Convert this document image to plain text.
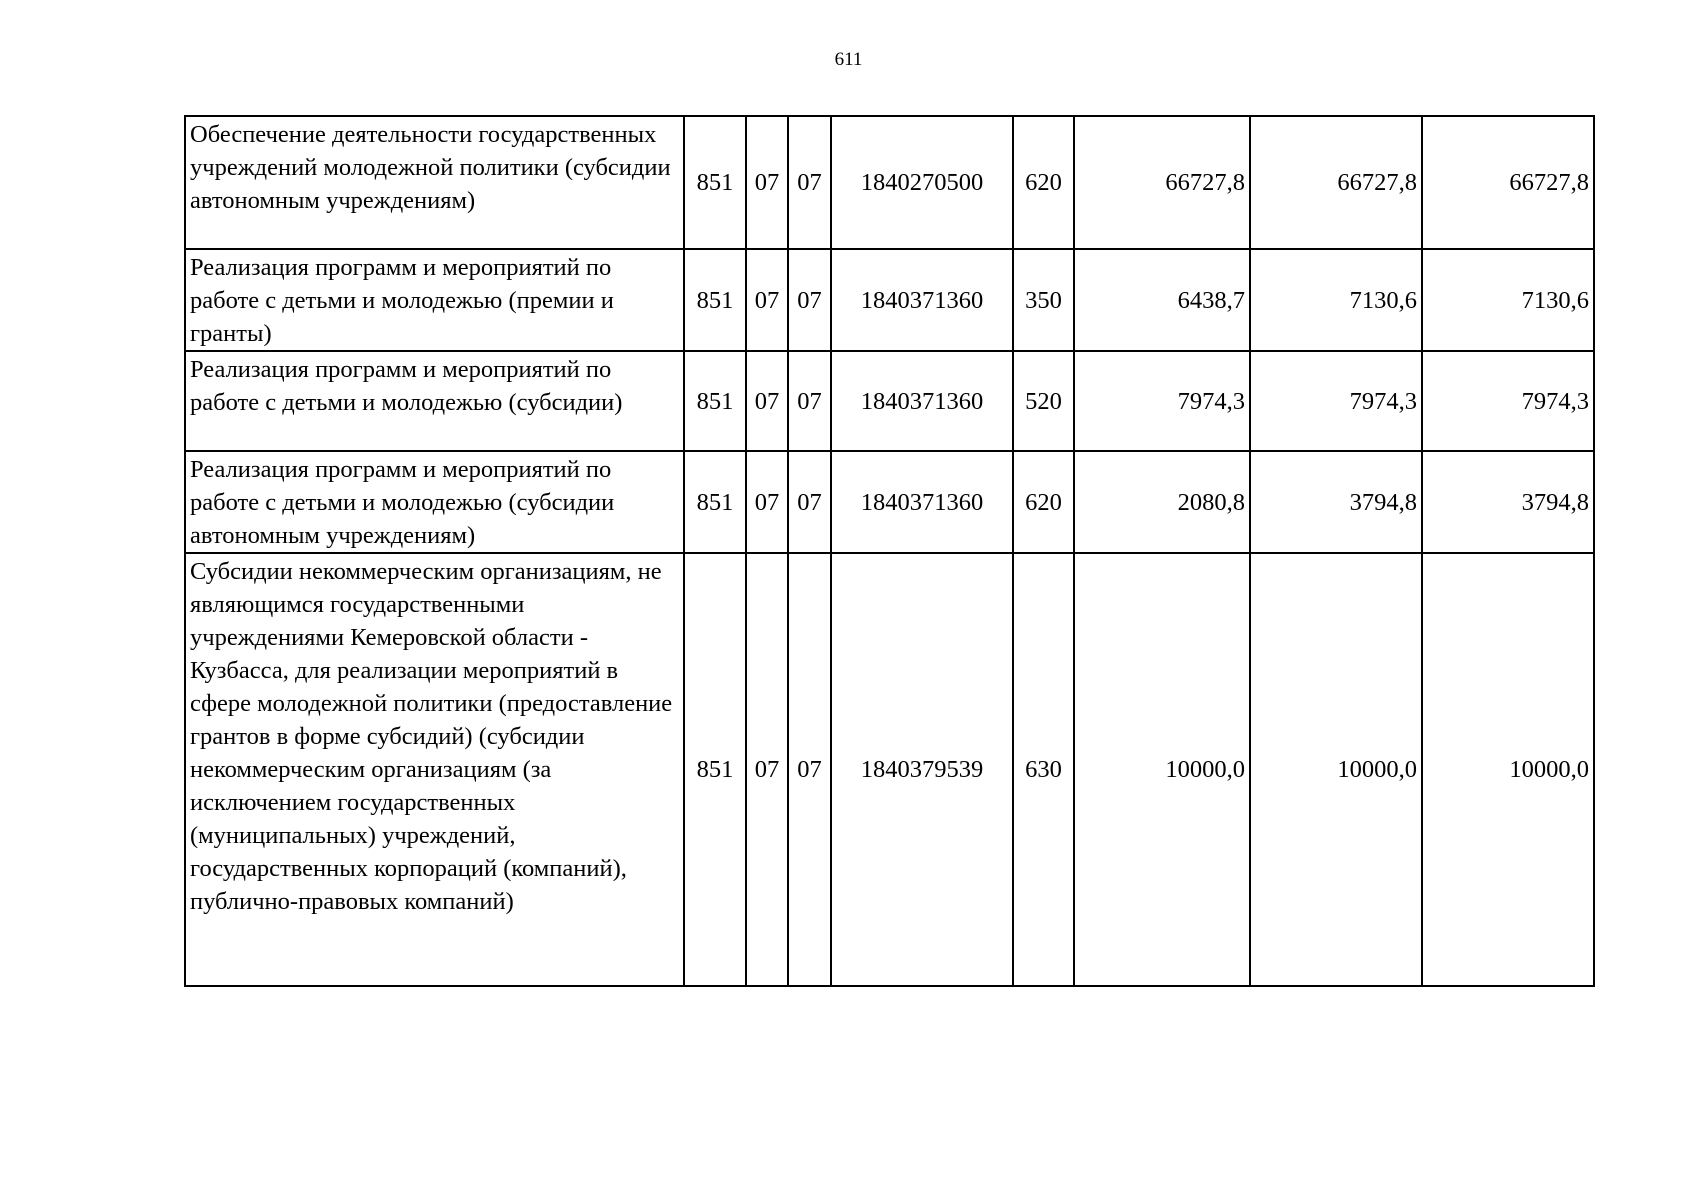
611
Обеспечение деятельности государственных учреждений молодежной политики (субсидии автономным учреждениям)	851	07	07	1840270500	620	66727,8	66727,8	66727,8
Реализация программ и мероприятий по работе с детьми и молодежью (премии и гранты)	851	07	07	1840371360	350	6438,7	7130,6	7130,6
Реализация программ и мероприятий по работе с детьми и молодежью (субсидии)	851	07	07	1840371360	520	7974,3	7974,3	7974,3
Реализация программ и мероприятий по работе с детьми и молодежью (субсидии автономным учреждениям)	851	07	07	1840371360	620	2080,8	3794,8	3794,8
Субсидии некоммерческим организациям, не являющимся государственными учреждениями Кемеровской области - Кузбасса, для реализации мероприятий в сфере молодежной политики (предоставление грантов в форме субсидий) (субсидии некоммерческим организациям (за исключением государственных (муниципальных) учреждений, государственных корпораций (компаний), публично-правовых компаний)	851	07	07	1840379539	630	10000,0	10000,0	10000,0
